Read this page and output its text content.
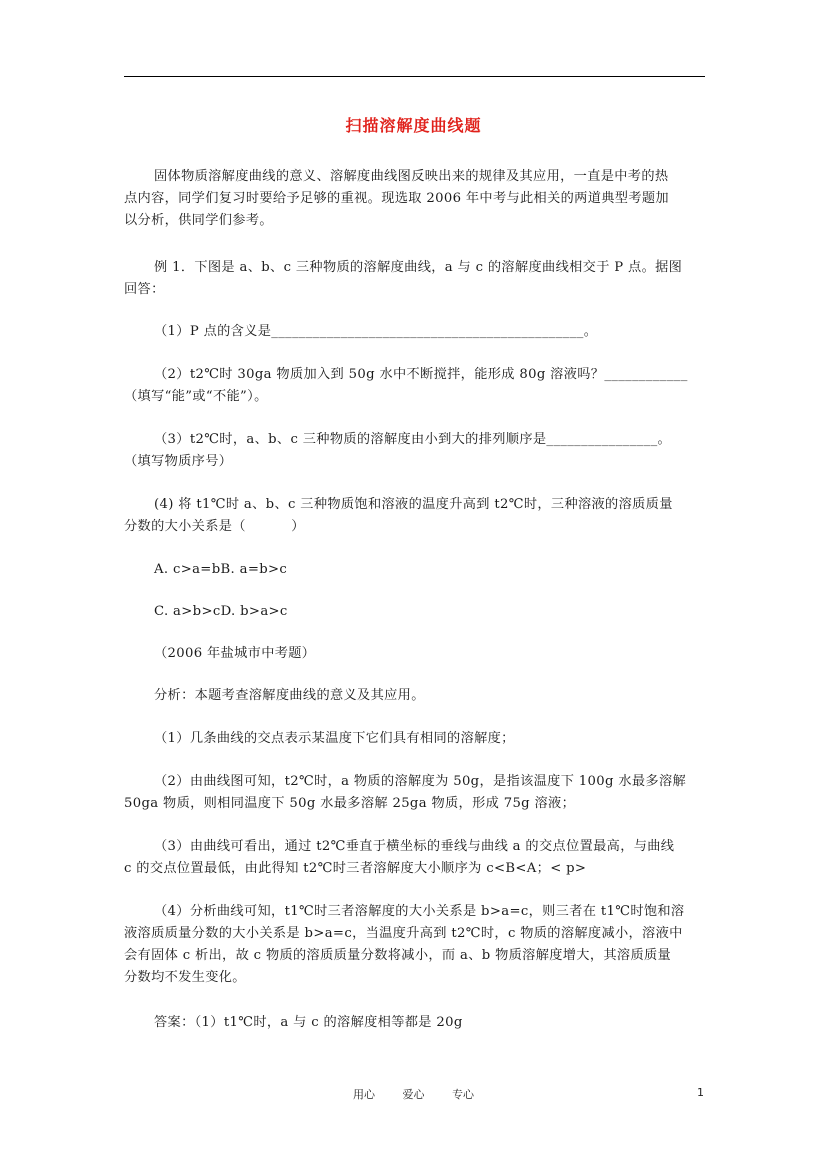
扫描溶解度曲线题
固体物质溶解度曲线的意义、溶解度曲线图反映出来的规律及其应用，一直是中考的热
点内容，同学们复习时要给予足够的重视。现选取 2006 年中考与此相关的两道典型考题加
以分析，供同学们参考。
例 1．下图是 a、b、c 三种物质的溶解度曲线，a 与 c 的溶解度曲线相交于 P 点。据图
回答：
（1）P 点的含义是_____________________________________________。
（2）t2℃时 30ga 物质加入到 50g 水中不断搅拌，能形成 80g 溶液吗？____________
（填写“能”或“不能”）。
（3）t2℃时，a、b、c 三种物质的溶解度由小到大的排列顺序是________________。
（填写物质序号）
(4) 将 t1℃时 a、b、c 三种物质饱和溶液的温度升高到 t2℃时，三种溶液的溶质质量
分数的大小关系是（          ）
A. c>a=bB. a=b>c
C. a>b>cD. b>a>c
（2006 年盐城市中考题）
分析：本题考查溶解度曲线的意义及其应用。
（1）几条曲线的交点表示某温度下它们具有相同的溶解度；
（2）由曲线图可知，t2℃时，a 物质的溶解度为 50g，是指该温度下 100g 水最多溶解
50ga 物质，则相同温度下 50g 水最多溶解 25ga 物质，形成 75g 溶液；
（3）由曲线可看出，通过 t2℃垂直于横坐标的垂线与曲线 a 的交点位置最高，与曲线
c 的交点位置最低，由此得知 t2℃时三者溶解度大小顺序为 c<B<A；< p>
（4）分析曲线可知，t1℃时三者溶解度的大小关系是 b>a=c，则三者在 t1℃时饱和溶
液溶质质量分数的大小关系是 b>a=c，当温度升高到 t2℃时，c 物质的溶解度减小，溶液中
会有固体 c 析出，故 c 物质的溶质质量分数将减小，而 a、b 物质溶解度增大，其溶质质量
分数均不发生变化。
答案：（1）t1℃时，a 与 c 的溶解度相等都是 20g
用心	爱心	专心	1
